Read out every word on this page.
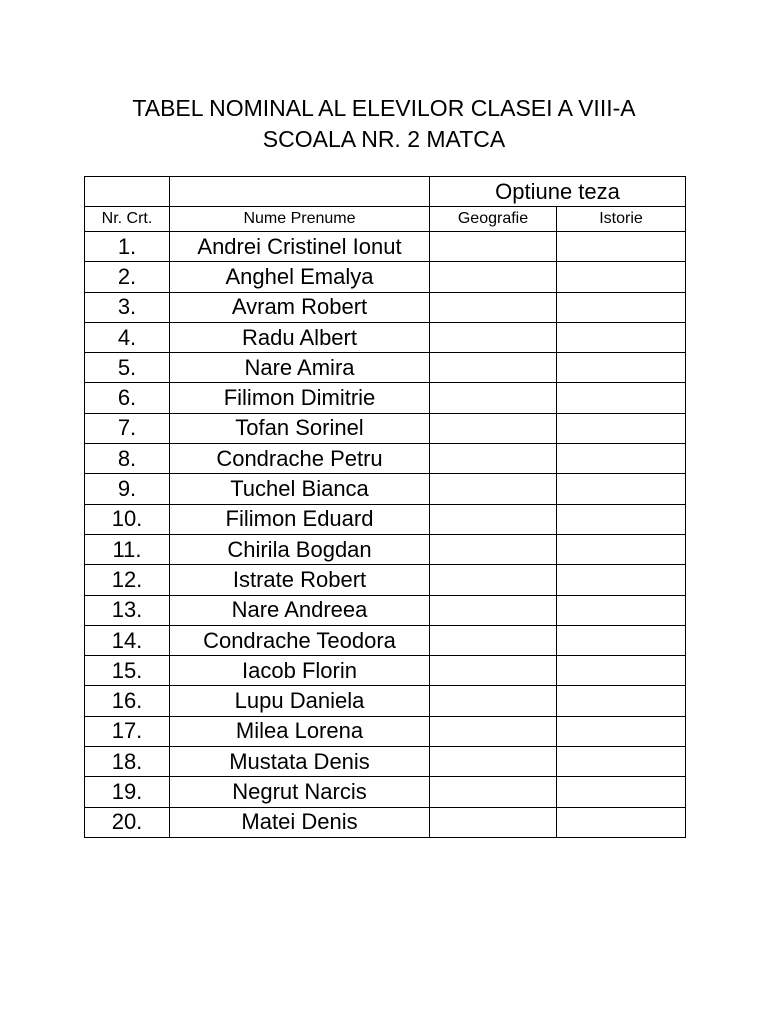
TABEL NOMINAL AL ELEVILOR CLASEI A VIII-A
SCOALA NR. 2 MATCA
		Optiune teza	
Nr. Crt.	Nume Prenume	Geografie	Istorie
1.	Andrei Cristinel Ionut		
2.	Anghel Emalya		
3.	Avram Robert		
4.	Radu Albert		
5.	Nare Amira		
6.	Filimon Dimitrie		
7.	Tofan Sorinel		
8.	Condrache Petru		
9.	Tuchel Bianca		
10.	Filimon Eduard		
11.	Chirila Bogdan		
12.	Istrate Robert		
13.	Nare Andreea		
14.	Condrache Teodora		
15.	Iacob Florin		
16.	Lupu Daniela		
17.	Milea Lorena		
18.	Mustata Denis		
19.	Negrut Narcis		
20.	Matei Denis		
